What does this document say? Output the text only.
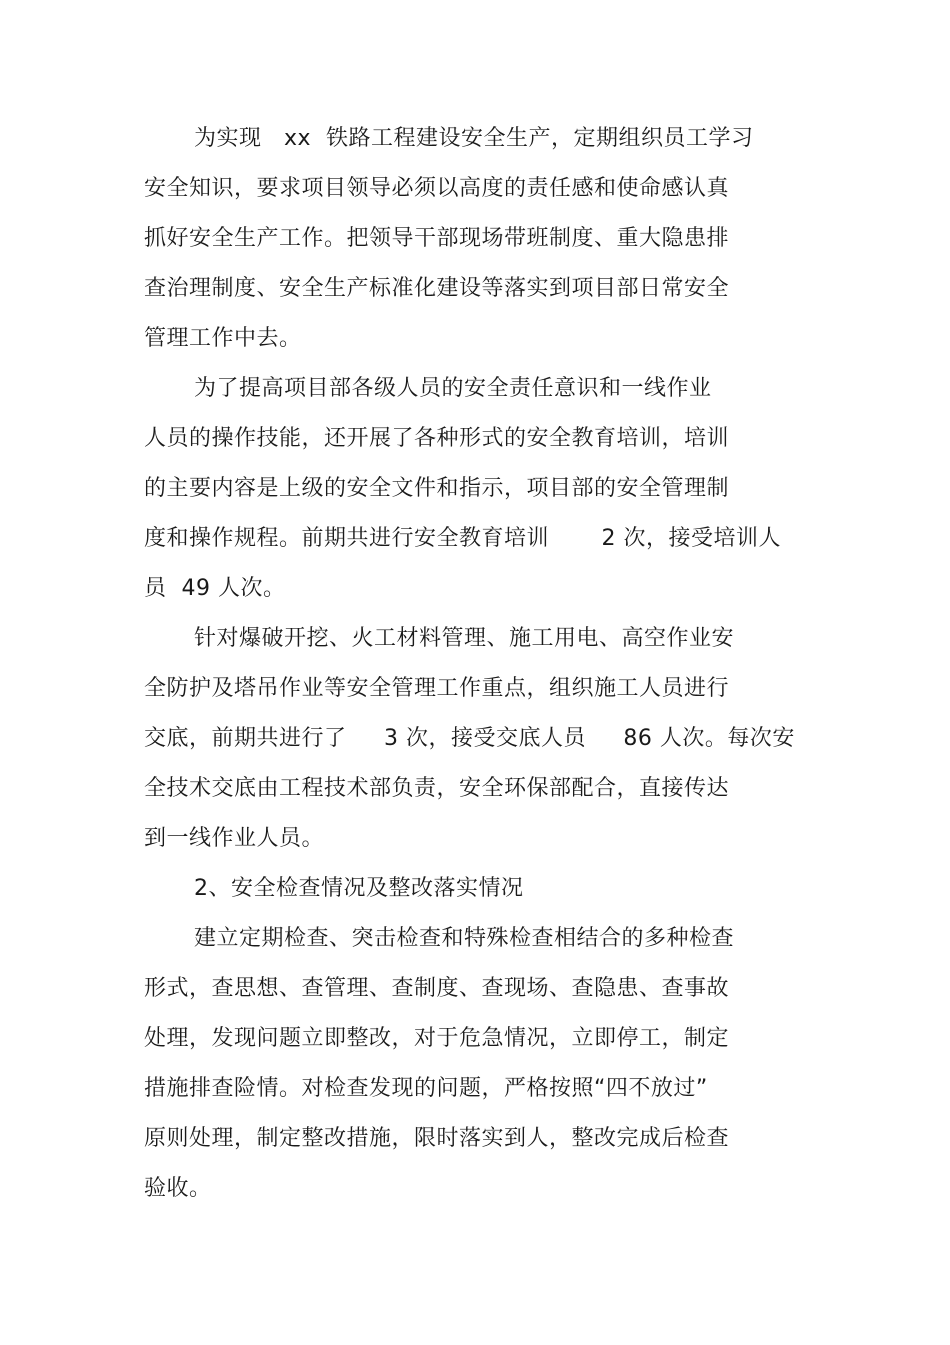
为实现   xx  铁路工程建设安全生产，定期组织员工学习
安全知识，要求项目领导必须以高度的责任感和使命感认真
抓好安全生产工作。把领导干部现场带班制度、重大隐患排
查治理制度、安全生产标准化建设等落实到项目部日常安全
管理工作中去。
为了提高项目部各级人员的安全责任意识和一线作业
人员的操作技能，还开展了各种形式的安全教育培训，培训
的主要内容是上级的安全文件和指示，项目部的安全管理制
度和操作规程。前期共进行安全教育培训       2 次，接受培训人
员  49 人次。
针对爆破开挖、火工材料管理、施工用电、高空作业安
全防护及塔吊作业等安全管理工作重点，组织施工人员进行
交底，前期共进行了     3 次，接受交底人员     86 人次。每次安
全技术交底由工程技术部负责，安全环保部配合，直接传达
到一线作业人员。
2、安全检查情况及整改落实情况
建立定期检查、突击检查和特殊检查相结合的多种检查
形式，查思想、查管理、查制度、查现场、查隐患、查事故
处理，发现问题立即整改，对于危急情况，立即停工，制定
措施排查险情。对检查发现的问题，严格按照“四不放过”
原则处理，制定整改措施，限时落实到人，整改完成后检查
验收。
